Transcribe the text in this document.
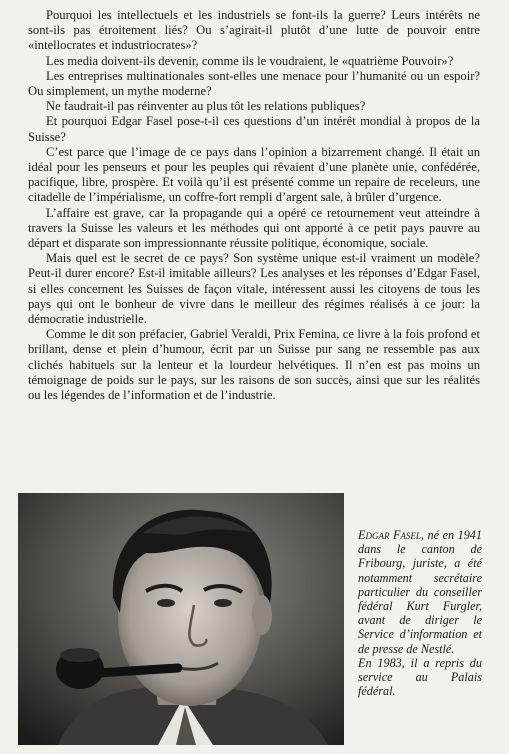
Pourquoi les intellectuels et les industriels se font-ils la guerre? Leurs intérêts ne sont-ils pas étroitement liés? Ou s’agirait-il plutôt d’une lutte de pouvoir entre «intellocrates et industriocrates»?

Les media doivent-ils devenir, comme ils le voudraient, le «quatrième Pouvoir»?

Les entreprises multinationales sont-elles une menace pour l’humanité ou un espoir? Ou simplement, un mythe moderne?

Ne faudrait-il pas réinventer au plus tôt les relations publiques?

Et pourquoi Edgar Fasel pose-t-il ces questions d’un intérêt mondial à propos de la Suisse?

C’est parce que l’image de ce pays dans l’opinion a bizarrement changé. Il était un idéal pour les penseurs et pour les peuples qui rêvaient d’une planète unie, confédérée, pacifique, libre, prospère. Et voilà qu’il est présenté comme un repaire de receleurs, une citadelle de l’impérialisme, un coffre-fort rempli d’argent sale, à brûler d’urgence.

L’affaire est grave, car la propagande qui a opéré ce retournement veut atteindre à travers la Suisse les valeurs et les méthodes qui ont apporté à ce petit pays pauvre au départ et disparate son impressionnante réussite politique, économique, sociale.

Mais quel est le secret de ce pays? Son système unique est-il vraiment un modèle? Peut-il durer encore? Est-il imitable ailleurs? Les analyses et les réponses d’Edgar Fasel, si elles concernent les Suisses de façon vitale, intéressent aussi les citoyens de tous les pays qui ont le bonheur de vivre dans le meilleur des régimes réalisés à ce jour: la démocratie industrielle.

Comme le dit son préfacier, Gabriel Veraldi, Prix Femina, ce livre à la fois profond et brillant, dense et plein d’humour, écrit par un Suisse pur sang ne ressemble pas aux clichés habituels sur la lenteur et la lourdeur helvétiques. Il n’en est pas moins un témoignage de poids sur le pays, sur les raisons de son succès, ainsi que sur les réalités ou les légendes de l’information et de l’industrie.

Edgar Fasel, né en 1941 dans le canton de Fribourg, juriste, a été notamment secrétaire particulier du conseiller fédéral Kurt Furgler, avant de diriger le Service d’information et de presse de Nestlé.

En 1983, il a repris du service au Palais fédéral.
